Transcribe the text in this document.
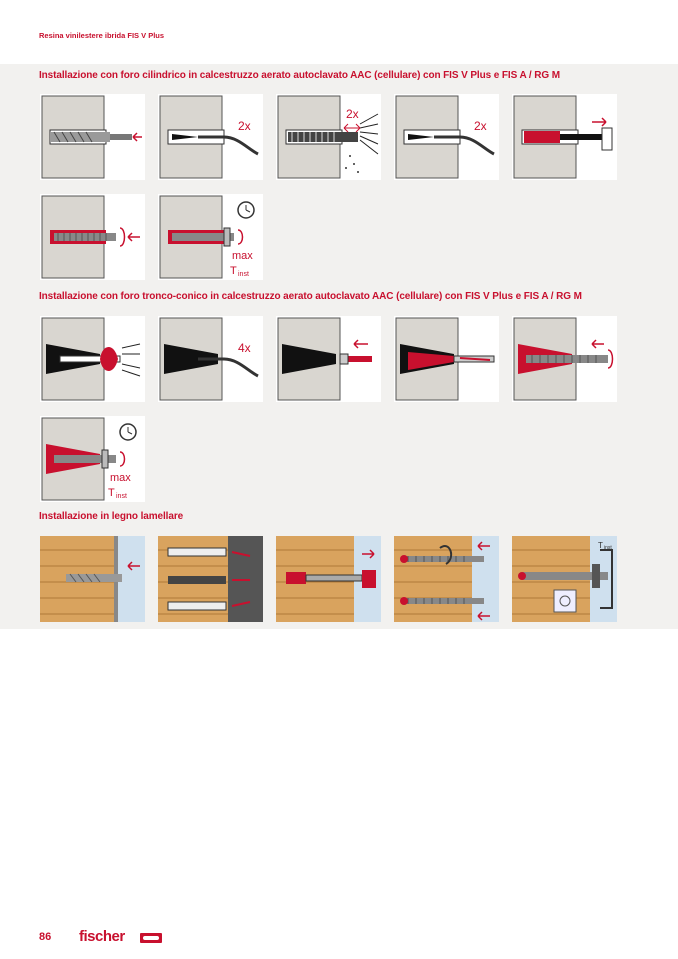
Resina vinilestere ibrida FIS V Plus
Installazione con foro cilindrico in calcestruzzo aerato autoclavato AAC (cellulare) con FIS V Plus e FIS A / RG M
2x
2x
2x
max
T inst
Installazione con foro tronco-conico in calcestruzzo aerato autoclavato AAC (cellulare) con FIS V Plus e FIS A / RG M
4x
max
T inst
Installazione in legno lamellare
T inst
86 fischer
